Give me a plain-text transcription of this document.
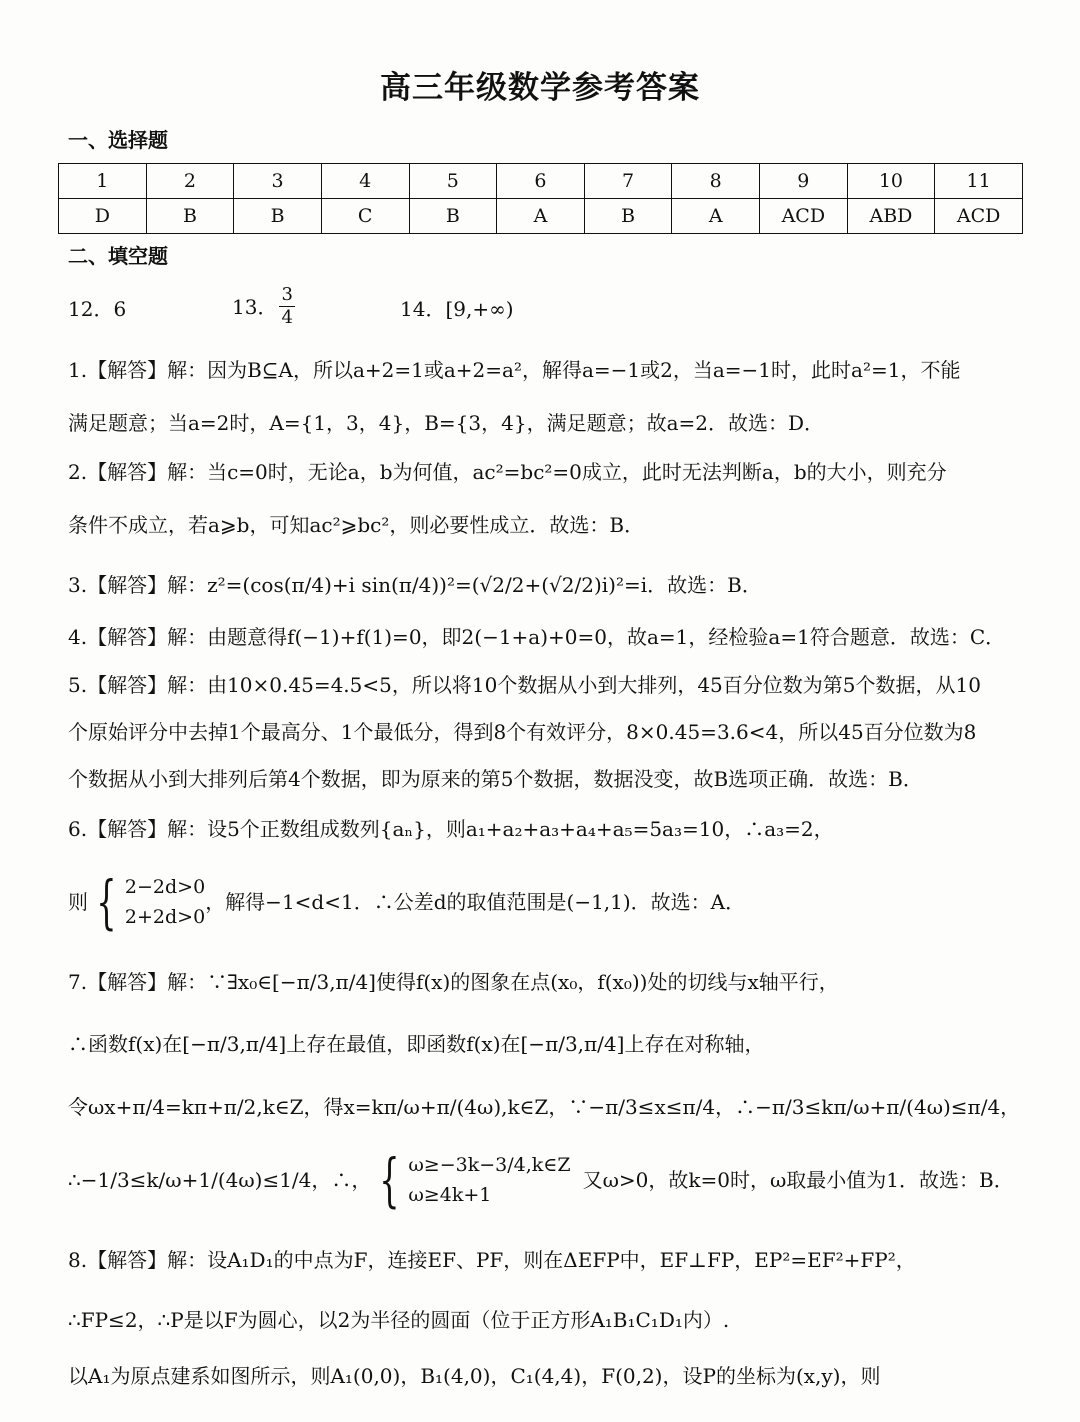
高三年级数学参考答案
一、选择题
1	2	3	4	5	6	7	8	9	10	11
D	B	B	C	B	A	B	A	ACD	ABD	ACD
二、填空题
12．6	13． $\frac{3}{4}$	14．[9,+∞)
1.【解答】解：因为B⊆A，所以a+2=1或a+2=a²，解得a=−1或2，当a=−1时，此时a²=1，不能
满足题意；当a=2时，A={1，3，4}，B={3，4}，满足题意；故a=2．故选：D．
2.【解答】解：当c=0时，无论a，b为何值，ac²=bc²=0成立，此时无法判断a，b的大小，则充分
条件不成立，若a⩾b，可知ac²⩾bc²，则必要性成立．故选：B．
3.【解答】解：z²=(cos(π/4)+i sin(π/4))²=(√2/2+(√2/2)i)²=i．故选：B．
4.【解答】解：由题意得f(−1)+f(1)=0，即2(−1+a)+0=0，故a=1，经检验a=1符合题意．故选：C．
5.【解答】解：由10×0.45=4.5<5，所以将10个数据从小到大排列，45百分位数为第5个数据，从10
个原始评分中去掉1个最高分、1个最低分，得到8个有效评分，8×0.45=3.6<4，所以45百分位数为8
个数据从小到大排列后第4个数据，即为原来的第5个数据，数据没变，故B选项正确．故选：B．
6.【解答】解：设5个正数组成数列{aₙ}，则a₁+a₂+a₃+a₄+a₅=5a₃=10，∴a₃=2，
则 { 2−2d>0
2+2d>0
，解得−1<d<1．∴公差d的取值范围是(−1,1)．故选：A．
7.【解答】解：∵∃x₀∈[−π/3,π/4]使得f(x)的图象在点(x₀，f(x₀))处的切线与x轴平行，
∴函数f(x)在[−π/3,π/4]上存在最值，即函数f(x)在[−π/3,π/4]上存在对称轴，
令ωx+π/4=kπ+π/2,k∈Z，得x=kπ/ω+π/(4ω),k∈Z，∵−π/3≤x≤π/4，∴−π/3≤kπ/ω+π/(4ω)≤π/4，
∴−1/3≤k/ω+1/(4ω)≤1/4，∴， { ω≥−3k−3/4,k∈Z
ω≥4k+1
又ω>0，故k=0时，ω取最小值为1．故选：B．
8.【解答】解：设A₁D₁的中点为F，连接EF、PF，则在ΔEFP中，EF⊥FP，EP²=EF²+FP²，
∴FP≤2，∴P是以F为圆心，以2为半径的圆面（位于正方形A₁B₁C₁D₁内）.
以A₁为原点建系如图所示，则A₁(0,0)，B₁(4,0)，C₁(4,4)，F(0,2)，设P的坐标为(x,y)，则
